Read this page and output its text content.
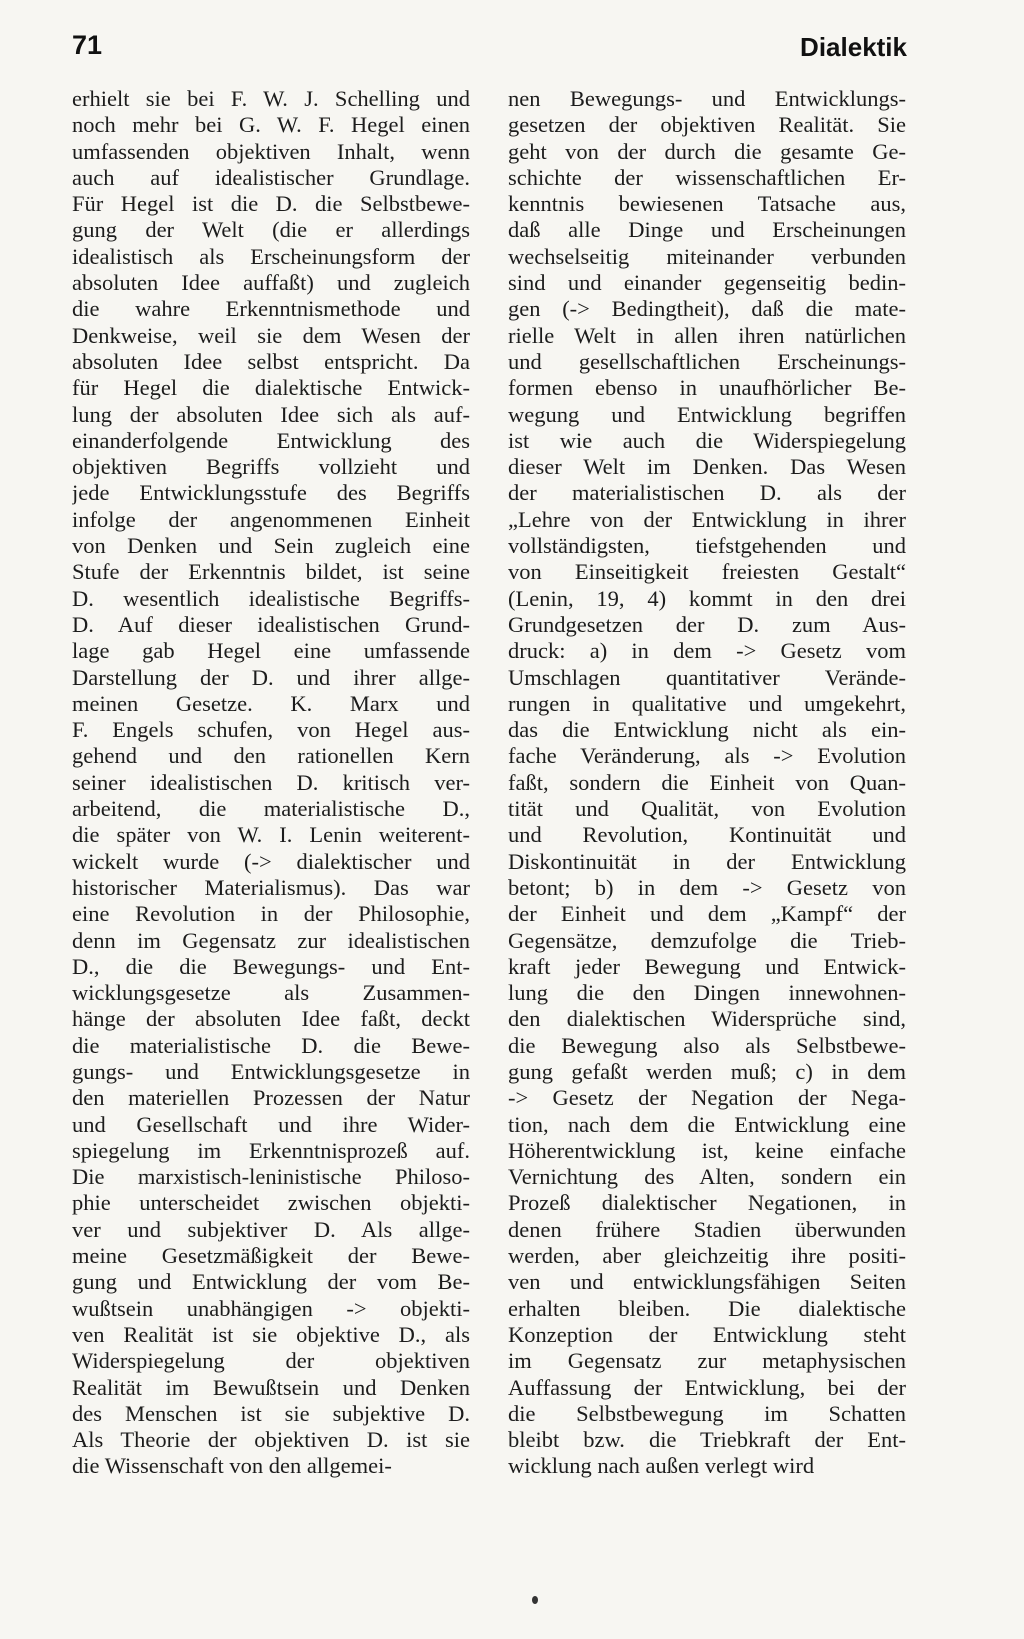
71	Dialektik
erhielt sie bei F. W. J. Schelling und
noch mehr bei G. W. F. Hegel einen
umfassenden objektiven Inhalt, wenn
auch auf idealistischer Grundlage.
Für Hegel ist die D. die Selbstbewe-
gung der Welt (die er allerdings
idealistisch als Erscheinungsform der
absoluten Idee auffaßt) und zugleich
die wahre Erkenntnismethode und
Denkweise, weil sie dem Wesen der
absoluten Idee selbst entspricht. Da
für Hegel die dialektische Entwick-
lung der absoluten Idee sich als auf-
einanderfolgende Entwicklung des
objektiven Begriffs vollzieht und
jede Entwicklungsstufe des Begriffs
infolge der angenommenen Einheit
von Denken und Sein zugleich eine
Stufe der Erkenntnis bildet, ist seine
D. wesentlich idealistische Begriffs-
D. Auf dieser idealistischen Grund-
lage gab Hegel eine umfassende
Darstellung der D. und ihrer allge-
meinen Gesetze. K. Marx und
F. Engels schufen, von Hegel aus-
gehend und den rationellen Kern
seiner idealistischen D. kritisch ver-
arbeitend, die materialistische D.,
die später von W. I. Lenin weiterent-
wickelt wurde (-> dialektischer und
historischer Materialismus). Das war
eine Revolution in der Philosophie,
denn im Gegensatz zur idealistischen
D., die die Bewegungs- und Ent-
wicklungsgesetze als Zusammen-
hänge der absoluten Idee faßt, deckt
die materialistische D. die Bewe-
gungs- und Entwicklungsgesetze in
den materiellen Prozessen der Natur
und Gesellschaft und ihre Wider-
spiegelung im Erkenntnisprozeß auf.
Die marxistisch-leninistische Philoso-
phie unterscheidet zwischen objekti-
ver und subjektiver D. Als allge-
meine Gesetzmäßigkeit der Bewe-
gung und Entwicklung der vom Be-
wußtsein unabhängigen -> objekti-
ven Realität ist sie objektive D., als
Widerspiegelung der objektiven
Realität im Bewußtsein und Denken
des Menschen ist sie subjektive D.
Als Theorie der objektiven D. ist sie
die Wissenschaft von den allgemei-
nen Bewegungs- und Entwicklungs-
gesetzen der objektiven Realität. Sie
geht von der durch die gesamte Ge-
schichte der wissenschaftlichen Er-
kenntnis bewiesenen Tatsache aus,
daß alle Dinge und Erscheinungen
wechselseitig miteinander verbunden
sind und einander gegenseitig bedin-
gen (-> Bedingtheit), daß die mate-
rielle Welt in allen ihren natürlichen
und gesellschaftlichen Erscheinungs-
formen ebenso in unaufhörlicher Be-
wegung und Entwicklung begriffen
ist wie auch die Widerspiegelung
dieser Welt im Denken. Das Wesen
der materialistischen D. als der
„Lehre von der Entwicklung in ihrer
vollständigsten, tiefstgehenden und
von Einseitigkeit freiesten Gestalt“
(Lenin, 19, 4) kommt in den drei
Grundgesetzen der D. zum Aus-
druck: a) in dem -> Gesetz vom
Umschlagen quantitativer Verände-
rungen in qualitative und umgekehrt,
das die Entwicklung nicht als ein-
fache Veränderung, als -> Evolution
faßt, sondern die Einheit von Quan-
tität und Qualität, von Evolution
und Revolution, Kontinuität und
Diskontinuität in der Entwicklung
betont; b) in dem -> Gesetz von
der Einheit und dem „Kampf“ der
Gegensätze, demzufolge die Trieb-
kraft jeder Bewegung und Entwick-
lung die den Dingen innewohnen-
den dialektischen Widersprüche sind,
die Bewegung also als Selbstbewe-
gung gefaßt werden muß; c) in dem
-> Gesetz der Negation der Nega-
tion, nach dem die Entwicklung eine
Höherentwicklung ist, keine einfache
Vernichtung des Alten, sondern ein
Prozeß dialektischer Negationen, in
denen frühere Stadien überwunden
werden, aber gleichzeitig ihre positi-
ven und entwicklungsfähigen Seiten
erhalten bleiben. Die dialektische
Konzeption der Entwicklung steht
im Gegensatz zur metaphysischen
Auffassung der Entwicklung, bei der
die Selbstbewegung im Schatten
bleibt bzw. die Triebkraft der Ent-
wicklung nach außen verlegt wird
